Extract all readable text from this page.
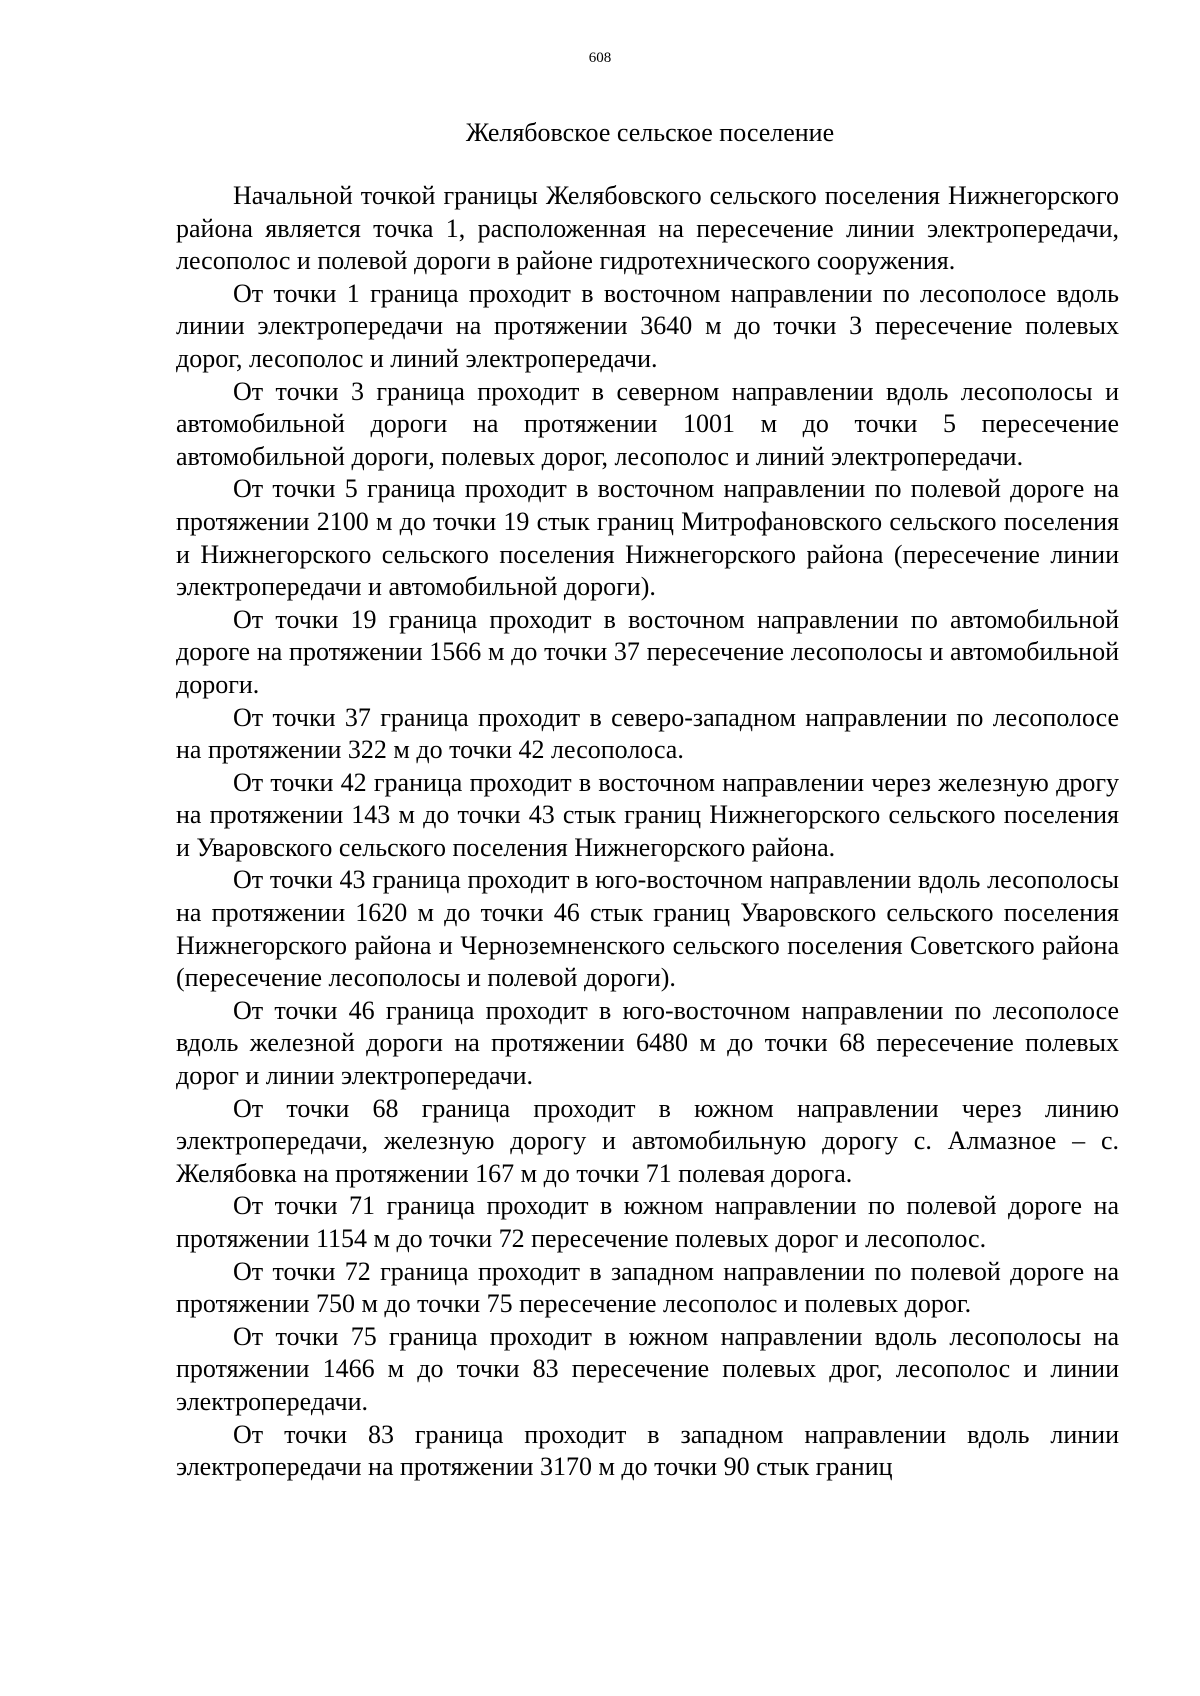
608
Желябовское сельское поселение

Начальной точкой границы Желябовского сельского поселения Нижнегорского района является точка 1, расположенная на пересечение линии электропередачи, лесополос и полевой дороги в районе гидротехнического сооружения.

От точки 1 граница проходит в восточном направлении по лесополосе вдоль линии электропередачи на протяжении 3640 м до точки 3 пересечение полевых дорог, лесополос и линий электропередачи.

От точки 3 граница проходит в северном направлении вдоль лесополосы и автомобильной дороги на протяжении 1001 м до точки 5 пересечение автомобильной дороги, полевых дорог, лесополос и линий электропередачи.

От точки 5 граница проходит в восточном направлении по полевой дороге на протяжении 2100 м до точки 19 стык границ Митрофановского сельского поселения и Нижнегорского сельского поселения Нижнегорского района (пересечение линии электропередачи и автомобильной дороги).

От точки 19 граница проходит в восточном направлении по автомобильной дороге на протяжении 1566 м до точки 37 пересечение лесополосы и автомобильной дороги.

От точки 37 граница проходит в северо-западном направлении по лесополосе на протяжении 322 м до точки 42 лесополоса.

От точки 42 граница проходит в восточном направлении через железную дрогу на протяжении 143 м до точки 43 стык границ Нижнегорского сельского поселения и Уваровского сельского поселения Нижнегорского района.

От точки 43 граница проходит в юго-восточном направлении вдоль лесополосы на протяжении 1620 м до точки 46 стык границ Уваровского сельского поселения Нижнегорского района и Черноземненского сельского поселения Советского района (пересечение лесополосы и полевой дороги).

От точки 46 граница проходит в юго-восточном направлении по лесополосе вдоль железной дороги на протяжении 6480 м до точки 68 пересечение полевых дорог и линии электропередачи.

От точки 68 граница проходит в южном направлении через линию электропередачи, железную дорогу и автомобильную дорогу с. Алмазное – с. Желябовка на протяжении 167 м до точки 71 полевая дорога.

От точки 71 граница проходит в южном направлении по полевой дороге на протяжении 1154 м до точки 72 пересечение полевых дорог и лесополос.

От точки 72 граница проходит в западном направлении по полевой дороге на протяжении 750 м до точки 75 пересечение лесополос и полевых дорог.

От точки 75 граница проходит в южном направлении вдоль лесополосы на протяжении 1466 м до точки 83 пересечение полевых дрог, лесополос и линии электропередачи.

От точки 83 граница проходит в западном направлении вдоль линии электропередачи на протяжении 3170 м до точки 90 стык границ
